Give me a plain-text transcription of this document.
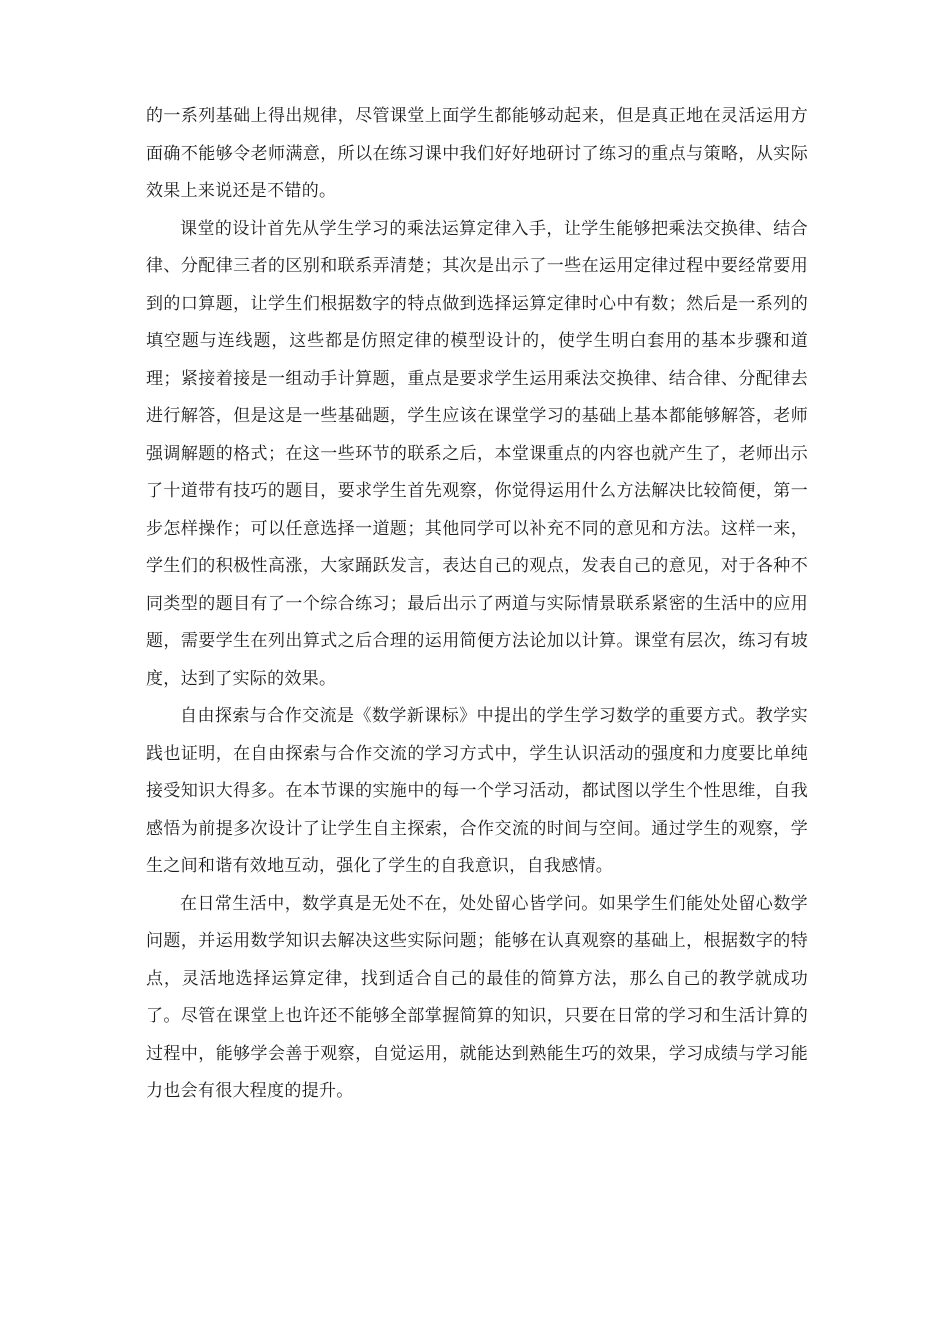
的一系列基础上得出规律，尽管课堂上面学生都能够动起来，但是真正地在灵活运用方面确不能够令老师满意，所以在练习课中我们好好地研讨了练习的重点与策略，从实际效果上来说还是不错的。

课堂的设计首先从学生学习的乘法运算定律入手，让学生能够把乘法交换律、结合律、分配律三者的区别和联系弄清楚；其次是出示了一些在运用定律过程中要经常要用到的口算题，让学生们根据数字的特点做到选择运算定律时心中有数；然后是一系列的填空题与连线题，这些都是仿照定律的模型设计的，使学生明白套用的基本步骤和道理；紧接着接是一组动手计算题，重点是要求学生运用乘法交换律、结合律、分配律去进行解答，但是这是一些基础题，学生应该在课堂学习的基础上基本都能够解答，老师强调解题的格式；在这一些环节的联系之后，本堂课重点的内容也就产生了，老师出示了十道带有技巧的题目，要求学生首先观察，你觉得运用什么方法解决比较简便，第一步怎样操作；可以任意选择一道题；其他同学可以补充不同的意见和方法。这样一来，学生们的积极性高涨，大家踊跃发言，表达自己的观点，发表自己的意见，对于各种不同类型的题目有了一个综合练习；最后出示了两道与实际情景联系紧密的生活中的应用题，需要学生在列出算式之后合理的运用简便方法论加以计算。课堂有层次，练习有坡度，达到了实际的效果。

自由探索与合作交流是《数学新课标》中提出的学生学习数学的重要方式。教学实践也证明，在自由探索与合作交流的学习方式中，学生认识活动的强度和力度要比单纯接受知识大得多。在本节课的实施中的每一个学习活动，都试图以学生个性思维，自我感悟为前提多次设计了让学生自主探索，合作交流的时间与空间。通过学生的观察，学生之间和谐有效地互动，强化了学生的自我意识，自我感情。

在日常生活中，数学真是无处不在，处处留心皆学问。如果学生们能处处留心数学问题，并运用数学知识去解决这些实际问题；能够在认真观察的基础上，根据数字的特点，灵活地选择运算定律，找到适合自己的最佳的简算方法，那么自己的教学就成功了。尽管在课堂上也许还不能够全部掌握简算的知识，只要在日常的学习和生活计算的过程中，能够学会善于观察，自觉运用，就能达到熟能生巧的效果，学习成绩与学习能力也会有很大程度的提升。
